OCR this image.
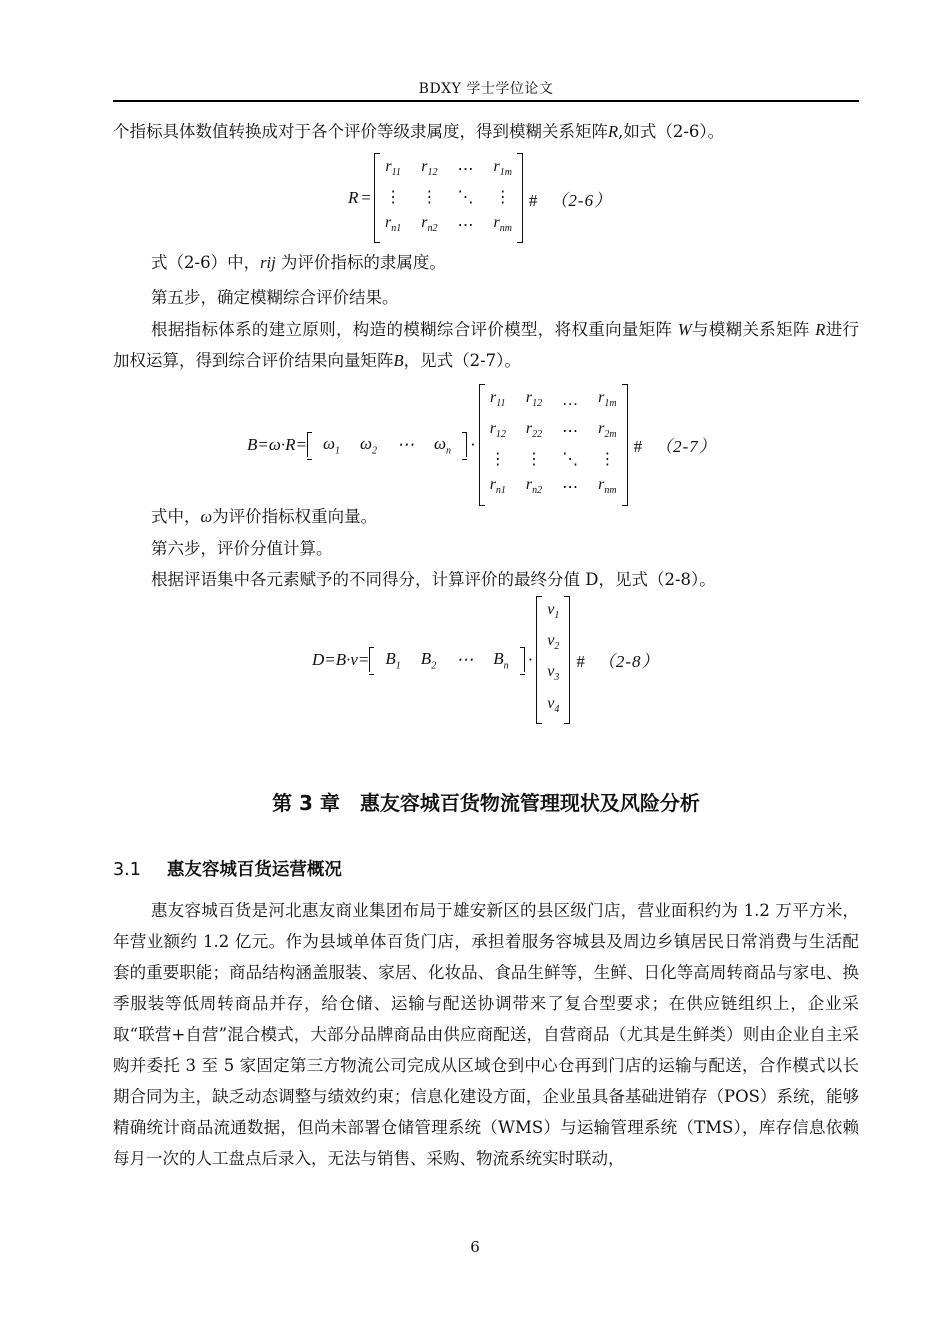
BDXY 学士学位论文

个指标具体数值转换成对于各个评价等级隶属度，得到模糊关系矩阵R,如式（2-6）。

R =
$r_{11}$ $r_{12}$ ⋯ $r_{1m}$
⋮ ⋮ ⋱ ⋮
$r_{n1}$ $r_{n2}$ ⋯ $r_{nm}$
# （2-6）

式（2-6）中，rij 为评价指标的隶属度。

第五步，确定模糊综合评价结果。

根据指标体系的建立原则，构造的模糊综合评价模型，将权重向量矩阵 W与模糊关系矩阵 R进行加权运算，得到综合评价结果向量矩阵B，见式（2-7）。

$B=\omega\cdot R= \omega_1$ $\omega_2$ ⋯ $\omega_n$ ·
$r_{11}$ $r_{12}$ … $r_{1m}$
$r_{12}$ $r_{22}$ ⋯ $r_{2m}$
⋮ ⋮ ⋱ ⋮
$r_{n1}$ $r_{n2}$ ⋯ $r_{nm}$
# （2-7）

式中，ω为评价指标权重向量。

第六步，评价分值计算。

根据评语集中各元素赋予的不同得分，计算评价的最终分值 D，见式（2-8）。

$D=B\cdot v= B_1$ $B_2$ ⋯ $B_n$ ·
$v_1$
$v_2$
$v_3$
$v_4$
# （2-8）
第 3 章　惠友容城百货物流管理现状及风险分析
3.1 惠友容城百货运营概况

惠友容城百货是河北惠友商业集团布局于雄安新区的县区级门店，营业面积约为 1.2 万平方米，年营业额约 1.2 亿元。作为县域单体百货门店，承担着服务容城县及周边乡镇居民日常消费与生活配套的重要职能；商品结构涵盖服装、家居、化妆品、食品生鲜等，生鲜、日化等高周转商品与家电、换季服装等低周转商品并存，给仓储、运输与配送协调带来了复合型要求；在供应链组织上，企业采取“联营+自营”混合模式，大部分品牌商品由供应商配送，自营商品（尤其是生鲜类）则由企业自主采购并委托 3 至 5 家固定第三方物流公司完成从区域仓到中心仓再到门店的运输与配送，合作模式以长期合同为主，缺乏动态调整与绩效约束；信息化建设方面，企业虽具备基础进销存（POS）系统，能够精确统计商品流通数据，但尚未部署仓储管理系统（WMS）与运输管理系统（TMS），库存信息依赖每月一次的人工盘点后录入，无法与销售、采购、物流系统实时联动，

6
